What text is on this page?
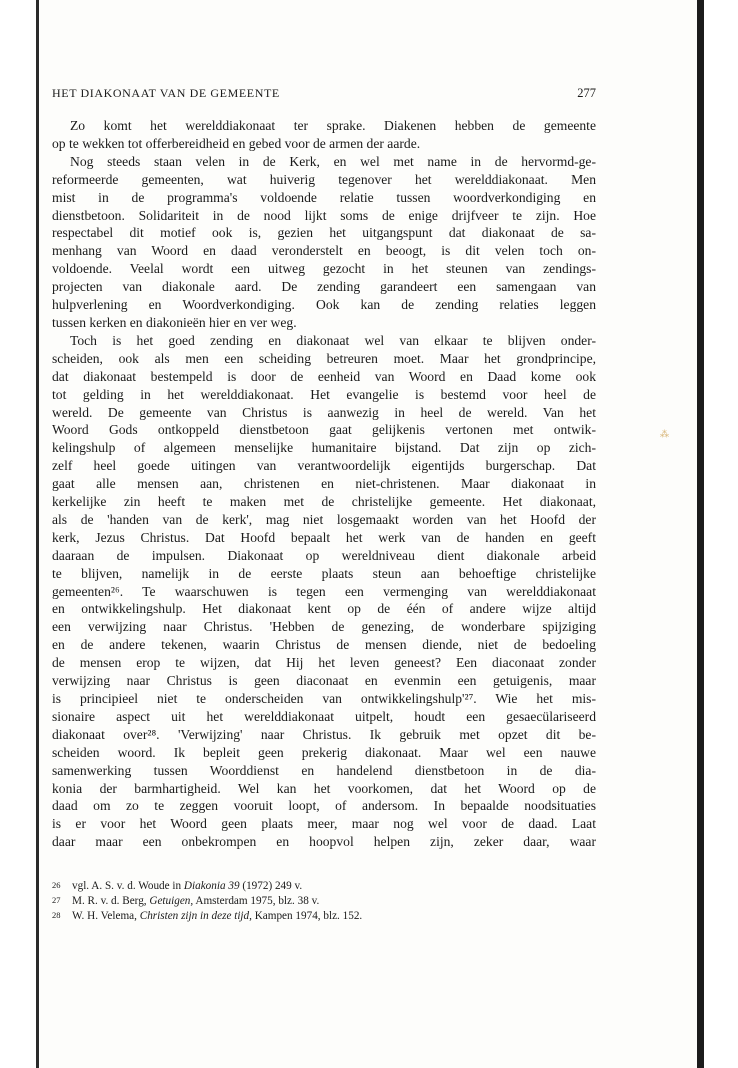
HET DIAKONAAT VAN DE GEMEENTE	277
Zo komt het werelddiakonaat ter sprake. Diakenen hebben de gemeente
op te wekken tot offerbereidheid en gebed voor de armen der aarde.
Nog steeds staan velen in de Kerk, en wel met name in de hervormd-ge-
reformeerde gemeenten, wat huiverig tegenover het werelddiakonaat. Men
mist in de programma's voldoende relatie tussen woordverkondiging en
dienstbetoon. Solidariteit in de nood lijkt soms de enige drijfveer te zijn. Hoe
respectabel dit motief ook is, gezien het uitgangspunt dat diakonaat de sa-
menhang van Woord en daad veronderstelt en beoogt, is dit velen toch on-
voldoende. Veelal wordt een uitweg gezocht in het steunen van zendings-
projecten van diakonale aard. De zending garandeert een samengaan van
hulpverlening en Woordverkondiging. Ook kan de zending relaties leggen
tussen kerken en diakonieën hier en ver weg.
Toch is het goed zending en diakonaat wel van elkaar te blijven onder-
scheiden, ook als men een scheiding betreuren moet. Maar het grondprincipe,
dat diakonaat bestempeld is door de eenheid van Woord en Daad kome ook
tot gelding in het werelddiakonaat. Het evangelie is bestemd voor heel de
wereld. De gemeente van Christus is aanwezig in heel de wereld. Van het
Woord Gods ontkoppeld dienstbetoon gaat gelijkenis vertonen met ontwik-
kelingshulp of algemeen menselijke humanitaire bijstand. Dat zijn op zich-
zelf heel goede uitingen van verantwoordelijk eigentijds burgerschap. Dat
gaat alle mensen aan, christenen en niet-christenen. Maar diakonaat in
kerkelijke zin heeft te maken met de christelijke gemeente. Het diakonaat,
als de 'handen van de kerk', mag niet losgemaakt worden van het Hoofd der
kerk, Jezus Christus. Dat Hoofd bepaalt het werk van de handen en geeft
daaraan de impulsen. Diakonaat op wereldniveau dient diakonale arbeid
te blijven, namelijk in de eerste plaats steun aan behoeftige christelijke
gemeenten²⁶. Te waarschuwen is tegen een vermenging van werelddiakonaat
en ontwikkelingshulp. Het diakonaat kent op de één of andere wijze altijd
een verwijzing naar Christus. 'Hebben de genezing, de wonderbare spijziging
en de andere tekenen, waarin Christus de mensen diende, niet de bedoeling
de mensen erop te wijzen, dat Hij het leven geneest? Een diaconaat zonder
verwijzing naar Christus is geen diaconaat en evenmin een getuigenis, maar
is principieel niet te onderscheiden van ontwikkelingshulp'²⁷. Wie het mis-
sionaire aspect uit het werelddiakonaat uitpelt, houdt een gesaecülariseerd
diakonaat over²⁸. 'Verwijzing' naar Christus. Ik gebruik met opzet dit be-
scheiden woord. Ik bepleit geen prekerig diakonaat. Maar wel een nauwe
samenwerking tussen Woorddienst en handelend dienstbetoon in de dia-
konia der barmhartigheid. Wel kan het voorkomen, dat het Woord op de
daad om zo te zeggen vooruit loopt, of andersom. In bepaalde noodsituaties
is er voor het Woord geen plaats meer, maar nog wel voor de daad. Laat
daar maar een onbekrompen en hoopvol helpen zijn, zeker daar, waar
26	vgl. A. S. v. d. Woude in Diakonia 39 (1972) 249 v.
27	M. R. v. d. Berg, Getuigen, Amsterdam 1975, blz. 38 v.
28	W. H. Velema, Christen zijn in deze tijd, Kampen 1974, blz. 152.
⁂
